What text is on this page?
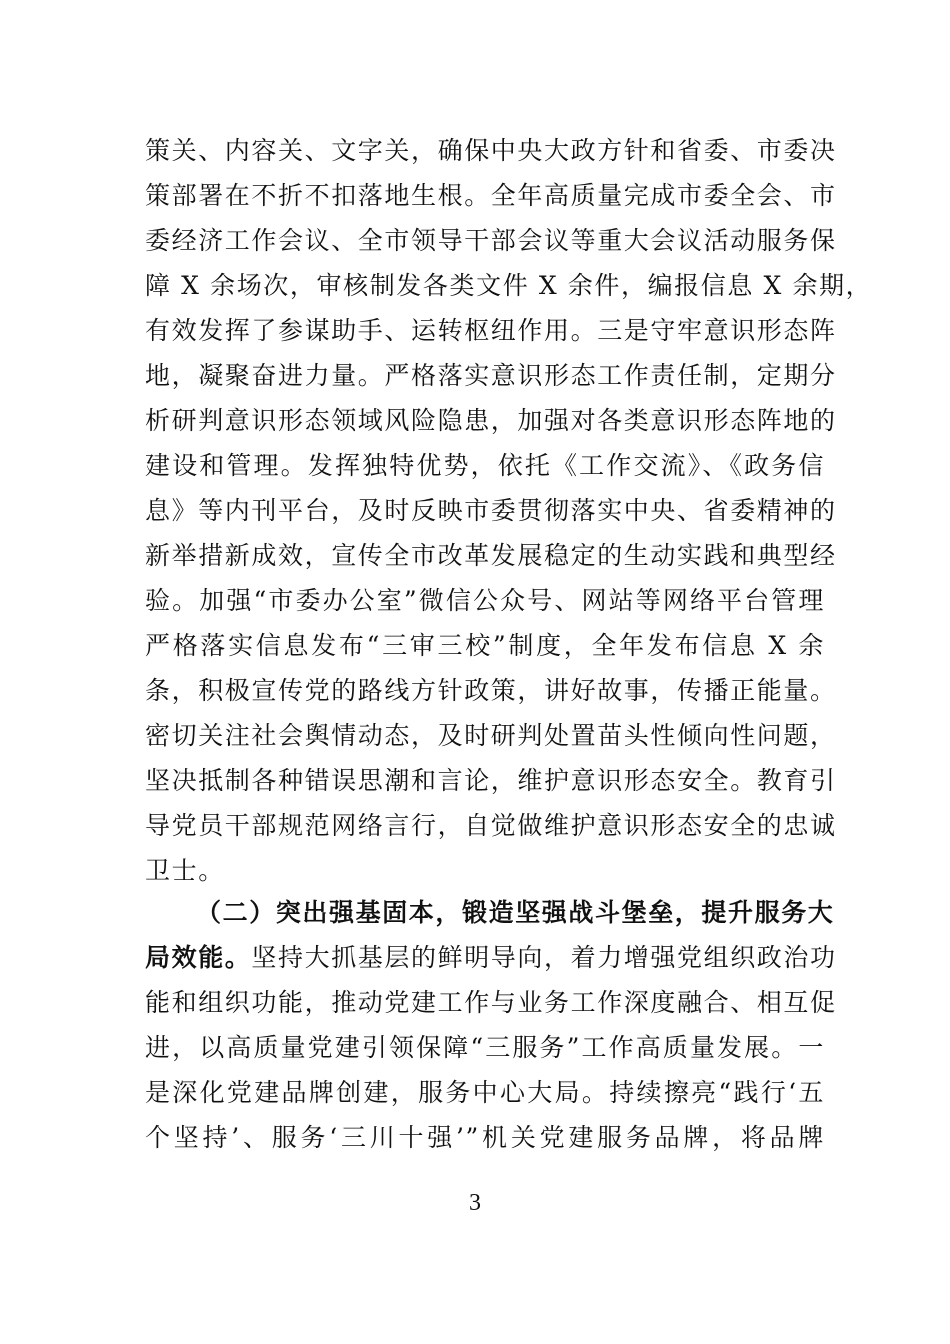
策关、内容关、文字关，确保中央大政方针和省委、市委决
策部署在不折不扣落地生根。全年高质量完成市委全会、市
委经济工作会议、全市领导干部会议等重大会议活动服务保
障 X 余场次，审核制发各类文件 X 余件，编报信息 X 余期，
有效发挥了参谋助手、运转枢纽作用。三是守牢意识形态阵
地，凝聚奋进力量。严格落实意识形态工作责任制，定期分
析研判意识形态领域风险隐患，加强对各类意识形态阵地的
建设和管理。发挥独特优势，依托《工作交流》、《政务信
息》等内刊平台，及时反映市委贯彻落实中央、省委精神的
新举措新成效，宣传全市改革发展稳定的生动实践和典型经
验。加强“市委办公室”微信公众号、网站等网络平台管理
严格落实信息发布“三审三校”制度，全年发布信息 X 余
条，积极宣传党的路线方针政策，讲好故事，传播正能量。
密切关注社会舆情动态，及时研判处置苗头性倾向性问题，
坚决抵制各种错误思潮和言论，维护意识形态安全。教育引
导党员干部规范网络言行，自觉做维护意识形态安全的忠诚
卫士。
（二）突出强基固本，锻造坚强战斗堡垒，提升服务大
局效能。坚持大抓基层的鲜明导向，着力增强党组织政治功
能和组织功能，推动党建工作与业务工作深度融合、相互促
进，以高质量党建引领保障“三服务”工作高质量发展。一
是深化党建品牌创建，服务中心大局。持续擦亮“践行‘五
个坚持’、服务‘三川十强’”机关党建服务品牌，将品牌
3
